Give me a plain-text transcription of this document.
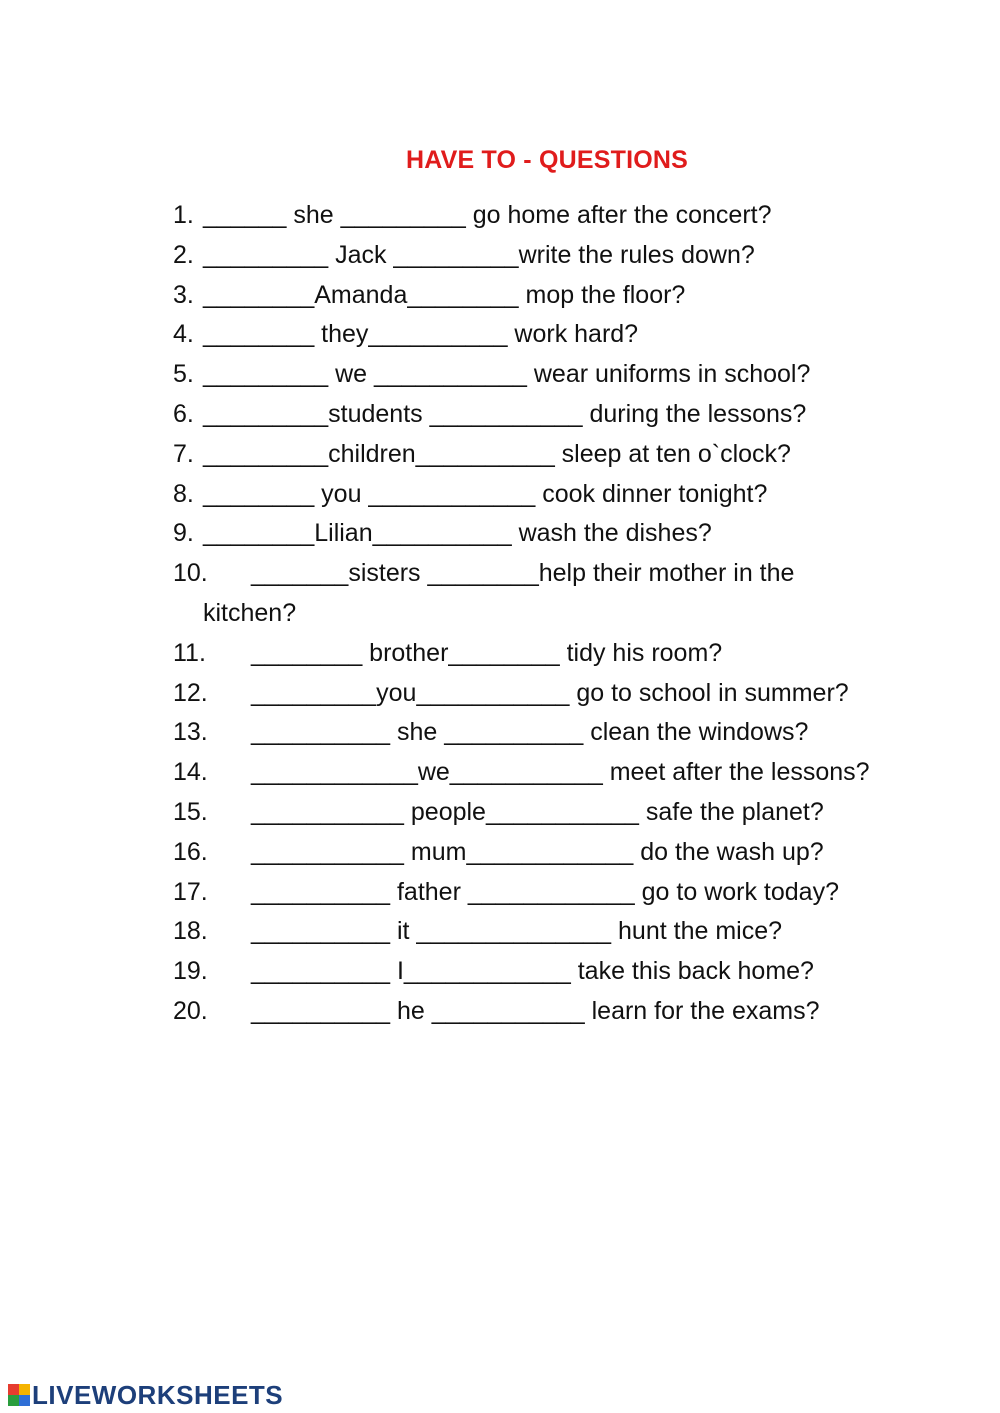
HAVE TO - QUESTIONS
1. ______ she _________ go home after the concert?
2. _________ Jack _________write the rules down?
3. ________Amanda________ mop the floor?
4. ________ they__________ work hard?
5. _________ we ___________ wear uniforms in school?
6. _________students ___________ during the lessons?
7. _________children__________ sleep at ten o`clock?
8. ________ you ____________ cook dinner tonight?
9. ________Lilian__________ wash the dishes?
10. _______sisters ________help their mother in the
kitchen?
11. ________ brother________ tidy his room?
12. _________you___________ go to school in summer?
13. __________ she __________ clean the windows?
14. ____________we___________ meet after the lessons?
15. ___________ people___________ safe the planet?
16. ___________ mum____________ do the wash up?
17. __________ father ____________ go to work today?
18. __________ it ______________ hunt the mice?
19. __________ I____________ take this back home?
20. __________ he ___________ learn for the exams?
LIVEWORKSHEETS
